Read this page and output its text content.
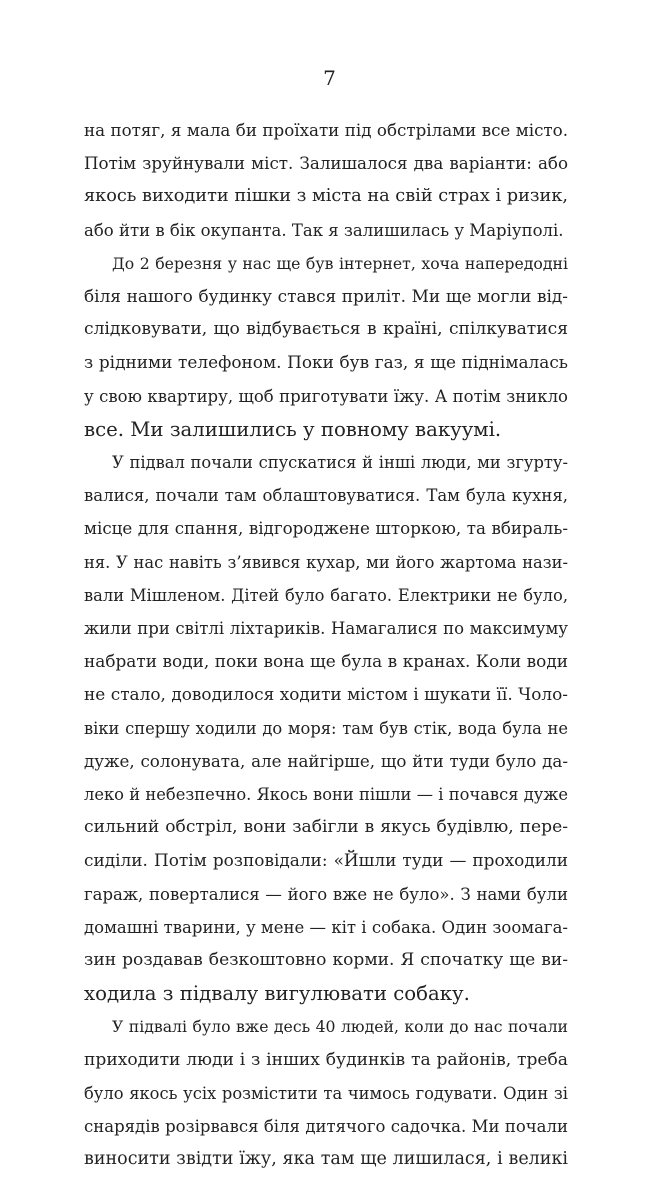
7
на потяг, я мала би проїхати під обстрілами все місто.
Потім зруйнували міст. Залишалося два варіанти: або
якось виходити пішки з міста на свій страх і ризик,
або йти в бік окупанта. Так я залишилась у Маріуполі.
До 2 березня у нас ще був інтернет, хоча напередодні
біля нашого будинку стався приліт. Ми ще могли від-
слідковувати, що відбувається в країні, спілкуватися
з рідними телефоном. Поки був газ, я ще піднімалась
у свою квартиру, щоб приготувати їжу. А потім зникло
все. Ми залишились у повному вакуумі.
У підвал почали спускатися й інші люди, ми згурту-
валися, почали там облаштовуватися. Там була кухня,
місце для спання, відгороджене шторкою, та вбираль-
ня. У нас навіть з’явився кухар, ми його жартома нази-
вали Мішленом. Дітей було багато. Електрики не було,
жили при світлі ліхтариків. Намагалися по максимуму
набрати води, поки вона ще була в кранах. Коли води
не стало, доводилося ходити містом і шукати її. Чоло-
віки спершу ходили до моря: там був стік, вода була не
дуже, солонувата, але найгірше, що йти туди було да-
леко й небезпечно. Якось вони пішли — і почався дуже
сильний обстріл, вони забігли в якусь будівлю, пере-
сиділи. Потім розповідали: «Йшли туди — проходили
гараж, поверталися — його вже не було». З нами були
домашні тварини, у мене — кіт і собака. Один зоомага-
зин роздавав безкоштовно корми. Я спочатку ще ви-
ходила з підвалу вигулювати собаку.
У підвалі було вже десь 40 людей, коли до нас почали
приходити люди і з інших будинків та районів, треба
було якось усіх розмістити та чимось годувати. Один зі
снарядів розірвався біля дитячого садочка. Ми почали
виносити звідти їжу, яка там ще лишилася, і великі
